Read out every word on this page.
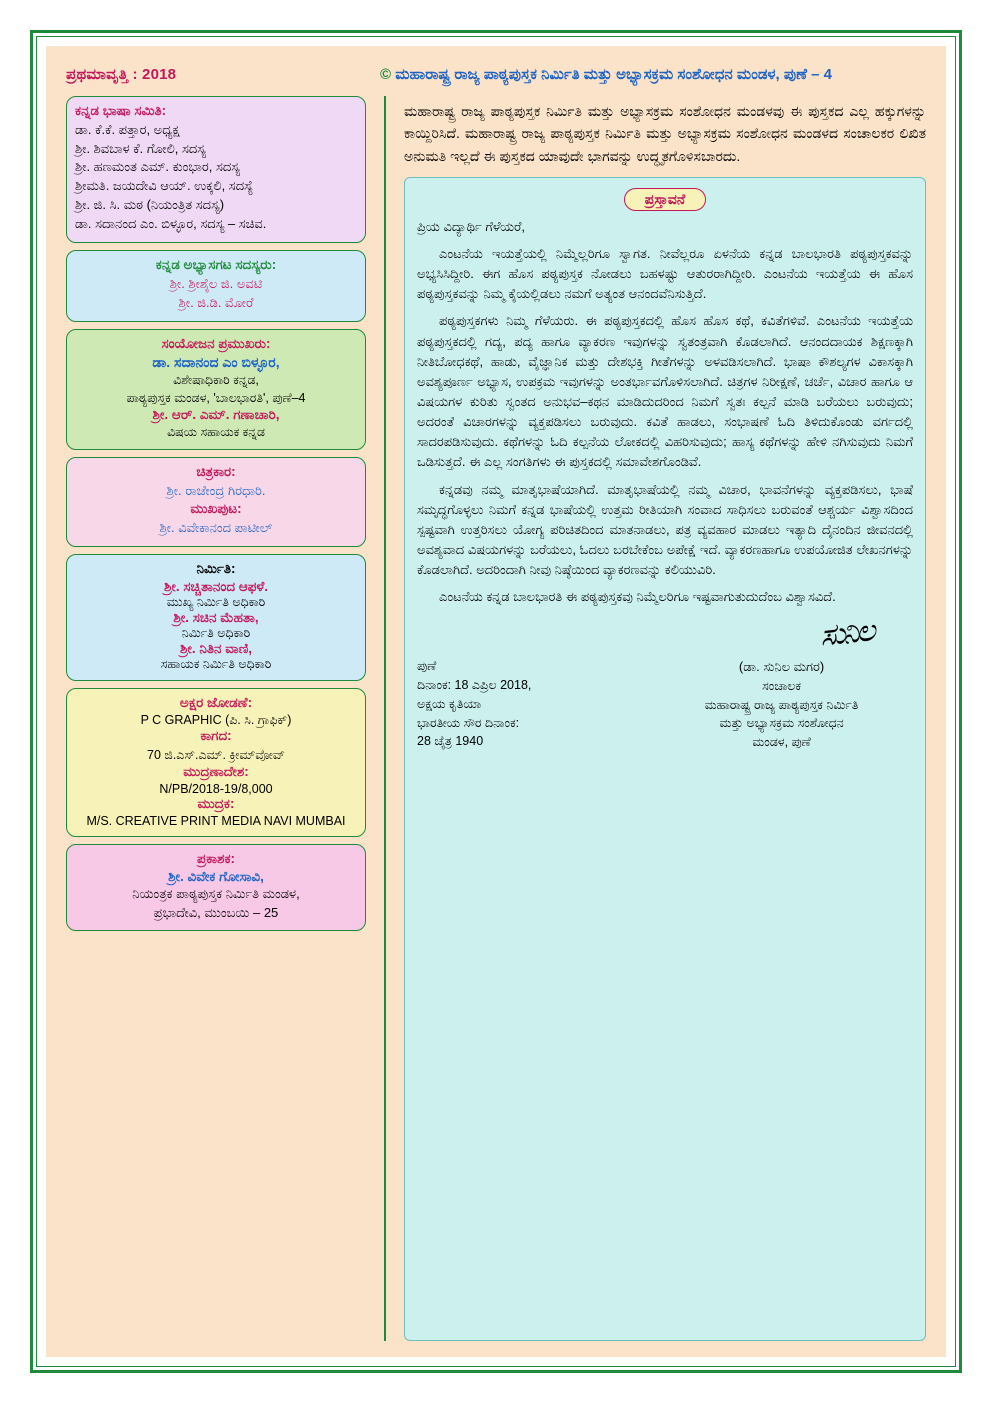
ಪ್ರಥಮಾವೃತ್ತಿ : 2018	© ಮಹಾರಾಷ್ಟ್ರ ರಾಜ್ಯ ಪಾಠ್ಯಪುಸ್ತಕ ನಿರ್ಮಿತಿ ಮತ್ತು ಅಭ್ಯಾಸಕ್ರಮ ಸಂಶೋಧನ ಮಂಡಳ, ಪುಣೆ – 4
ಕನ್ನಡ ಭಾಷಾ ಸಮಿತಿ:
ಡಾ. ಕೆ.ಕೆ. ಪತ್ತಾರ, ಅಧ್ಯಕ್ಷ
ಶ್ರೀ. ಶಿವಬಾಳ ಕೆ. ಗೋಲಿ, ಸದಸ್ಯ
ಶ್ರೀ. ಹಣಮಂತ ಎಮ್. ಕುಂಭಾರ, ಸದಸ್ಯ
ಶ್ರೀಮತಿ. ಜಯದೇವಿ ಆಯ್. ಉಕ್ಕಲಿ, ಸದಸ್ಯೆ
ಶ್ರೀ. ಜಿ. ಸಿ. ಮಠ (ನಿಯಂತ್ರಿತ ಸದಸ್ಯ)
ಡಾ. ಸದಾನಂದ ಎಂ. ಬಿಳ್ಳೂರ, ಸದಸ್ಯ – ಸಚಿವ.
ಕನ್ನಡ ಅಭ್ಯಾಸಗಟ ಸದಸ್ಯರು:
ಶ್ರೀ. ಶ್ರೀಶೈಲ ಜಿ. ಅವಟಿ
ಶ್ರೀ. ಜಿ.ಡಿ. ಮೋರೆ
ಸಂಯೋಜನ ಪ್ರಮುಖರು:
ಡಾ. ಸದಾನಂದ ಎಂ ಬಿಳ್ಳೂರ,
ವಿಶೇಷಾಧಿಕಾರಿ ಕನ್ನಡ,
ಪಾಠ್ಯಪುಸ್ತಕ ಮಂಡಳ, 'ಬಾಲಭಾರತಿ', ಪುಣೆ–4
ಶ್ರೀ. ಆರ್. ಎಮ್. ಗಣಾಚಾರಿ,
ವಿಷಯ ಸಹಾಯಕ ಕನ್ನಡ
ಚಿತ್ರಕಾರ:
ಶ್ರೀ. ರಾಜೇಂದ್ರ ಗಿರಧಾರಿ.
ಮುಖಪುಟ:
ಶ್ರೀ. ವಿವೇಕಾನಂದ ಪಾಟೀಲ್
ನಿರ್ಮಿತಿ:
ಶ್ರೀ. ಸಚ್ಚಿತಾನಂದ ಆಫಳೆ.
ಮುಖ್ಯ ನಿರ್ಮಿತಿ ಅಧಿಕಾರಿ
ಶ್ರೀ. ಸಚಿನ ಮೆಹತಾ,
ನಿರ್ಮಿತಿ ಅಧಿಕಾರಿ
ಶ್ರೀ. ನಿತಿನ ವಾಣಿ,
ಸಹಾಯಕ ನಿರ್ಮಿತಿ ಅಧಿಕಾರಿ
ಅಕ್ಷರ ಜೋಡಣೆ:
P C GRAPHIC (ಪಿ. ಸಿ. ಗ್ರಾಫಿಕ್)
ಕಾಗದ:
70 ಜಿ.ಎಸ್.ಎಮ್. ಕ್ರೀಮ್‌ವೋವ್
ಮುದ್ರಣಾದೇಶ:
N/PB/2018-19/8,000
ಮುದ್ರಕ:
M/S. CREATIVE PRINT MEDIA NAVI MUMBAI
ಪ್ರಕಾಶಕ:
ಶ್ರೀ. ವಿವೇಕ ಗೋಸಾವಿ,
ನಿಯಂತ್ರಕ ಪಾಠ್ಯಪುಸ್ತಕ ನಿರ್ಮಿತಿ ಮಂಡಳ,
ಪ್ರಭಾದೇವಿ, ಮುಂಬಯಿ – 25
ಮಹಾರಾಷ್ಟ್ರ ರಾಜ್ಯ ಪಾಠ್ಯಪುಸ್ತಕ ನಿರ್ಮಿತಿ ಮತ್ತು ಅಭ್ಯಾಸಕ್ರಮ ಸಂಶೋಧನ ಮಂಡಳವು ಈ ಪುಸ್ತಕದ ಎಲ್ಲ ಹಕ್ಕುಗಳನ್ನು ಕಾಯ್ದಿರಿಸಿದೆ. ಮಹಾರಾಷ್ಟ್ರ ರಾಜ್ಯ ಪಾಠ್ಯಪುಸ್ತಕ ನಿರ್ಮಿತಿ ಮತ್ತು ಅಭ್ಯಾಸಕ್ರಮ ಸಂಶೋಧನ ಮಂಡಳದ ಸಂಚಾಲಕರ ಲಿಖಿತ ಅನುಮತಿ ಇಲ್ಲದೆ ಈ ಪುಸ್ತಕದ ಯಾವುದೇ ಭಾಗವನ್ನು ಉದ್ಧೃತಗೊಳಿಸಬಾರದು.
ಪ್ರಸ್ತಾವನೆ

ಪ್ರಿಯ ವಿದ್ಯಾರ್ಥಿ ಗೆಳೆಯರೆ,

ಎಂಟನೆಯ ಇಯತ್ತೆಯಲ್ಲಿ ನಿಮ್ಮೆಲ್ಲರಿಗೂ ಸ್ವಾಗತ. ನೀವೆಲ್ಲರೂ ಏಳನೆಯ ಕನ್ನಡ ಬಾಲಭಾರತಿ ಪಠ್ಯಪುಸ್ತಕವನ್ನು ಅಭ್ಯಸಿಸಿದ್ದೀರಿ. ಈಗ ಹೊಸ ಪಠ್ಯಪುಸ್ತಕ ನೋಡಲು ಬಹಳಷ್ಟು ಆತುರರಾಗಿದ್ದೀರಿ. ಎಂಟನೆಯ ಇಯತ್ತೆಯ ಈ ಹೊಸ ಪಠ್ಯಪುಸ್ತಕವನ್ನು ನಿಮ್ಮ ಕೈಯಲ್ಲಿಡಲು ನಮಗೆ ಅತ್ಯಂತ ಆನಂದವೆನಿಸುತ್ತಿದೆ.

ಪಠ್ಯಪುಸ್ತಕಗಳು ನಿಮ್ಮ ಗೆಳೆಯರು. ಈ ಪಠ್ಯಪುಸ್ತಕದಲ್ಲಿ ಹೊಸ ಹೊಸ ಕಥೆ, ಕವಿತೆಗಳಿವೆ. ಎಂಟನೆಯ ಇಯತ್ತೆಯ ಪಠ್ಯಪುಸ್ತಕದಲ್ಲಿ ಗದ್ಯ, ಪದ್ಯ ಹಾಗೂ ವ್ಯಾಕರಣ ಇವುಗಳನ್ನು ಸ್ವತಂತ್ರವಾಗಿ ಕೊಡಲಾಗಿದೆ. ಆನಂದದಾಯಕ ಶಿಕ್ಷಣಕ್ಕಾಗಿ ನೀತಿಬೋಧಕಥೆ, ಹಾಡು, ವೈಜ್ಞಾನಿಕ ಮತ್ತು ದೇಶಭಕ್ತಿ ಗೀತೆಗಳನ್ನು ಅಳವಡಿಸಲಾಗಿದೆ. ಭಾಷಾ ಕೌಶಲ್ಯಗಳ ವಿಕಾಸಕ್ಕಾಗಿ ಅವಶ್ಯಪೂರ್ಣ ಅಭ್ಯಾಸ, ಉಪಕ್ರಮ ಇವುಗಳನ್ನು ಅಂತರ್ಭಾವಗೊಳಿಸಲಾಗಿದೆ. ಚಿತ್ರಗಳ ನಿರೀಕ್ಷಣೆ, ಚರ್ಚೆ, ವಿಚಾರ ಹಾಗೂ ಆ ವಿಷಯಗಳ ಕುರಿತು ಸ್ವಂತದ ಅನುಭವ–ಕಥನ ಮಾಡಿದುದರಿಂದ ನಿಮಗೆ ಸ್ವತಃ ಕಲ್ಪನೆ ಮಾಡಿ ಬರೆಯಲು ಬರುವುದು; ಅದರಂತೆ ವಿಚಾರಗಳನ್ನು ವ್ಯಕ್ತಪಡಿಸಲು ಬರುವುದು. ಕವಿತೆ ಹಾಡಲು, ಸಂಭಾಷಣೆ ಓದಿ ತಿಳಿದುಕೊಂಡು ವರ್ಗದಲ್ಲಿ ಸಾದರಪಡಿಸುವುದು. ಕಥೆಗಳನ್ನು ಓದಿ ಕಲ್ಪನೆಯ ಲೋಕದಲ್ಲಿ ವಿಹರಿಸುವುದು; ಹಾಸ್ಯ ಕಥೆಗಳನ್ನು ಹೇಳಿ ನಗಿಸುವುದು ನಿಮಗೆ ಒಡಿಸುತ್ತದೆ. ಈ ಎಲ್ಲ ಸಂಗತಿಗಳು ಈ ಪುಸ್ತಕದಲ್ಲಿ ಸಮಾವೇಶಗೊಂಡಿವೆ.

ಕನ್ನಡವು ನಮ್ಮ ಮಾತೃಭಾಷೆಯಾಗಿದೆ. ಮಾತೃಭಾಷೆಯಲ್ಲಿ ನಮ್ಮ ವಿಚಾರ, ಭಾವನೆಗಳನ್ನು ವ್ಯಕ್ತಪಡಿಸಲು, ಭಾಷೆ ಸಮೃದ್ಧಗೊಳ್ಳಲು ನಿಮಗೆ ಕನ್ನಡ ಭಾಷೆಯಲ್ಲಿ ಉತ್ತಮ ರೀತಿಯಾಗಿ ಸಂವಾದ ಸಾಧಿಸಲು ಬರುವಂತೆ ಆಶ್ಚರ್ಯ ವಿಶ್ವಾಸದಿಂದ ಸ್ಪಷ್ಟವಾಗಿ ಉತ್ತರಿಸಲು ಯೋಗ್ಯ ಪರಿಚಿತದಿಂದ ಮಾತನಾಡಲು, ಪತ್ರ ವ್ಯವಹಾರ ಮಾಡಲು ಇತ್ಯಾದಿ ದೈನಂದಿನ ಜೀವನದಲ್ಲಿ ಅವಶ್ಯವಾದ ವಿಷಯಗಳನ್ನು ಬರೆಯಲು, ಓದಲು ಬರಬೇಕೆಂಬ ಅಪೇಕ್ಷೆ ಇದೆ. ವ್ಯಾಕರಣಹಾಗೂ ಉಪಯೋಜಿತ ಲೇಖನಗಳನ್ನು ಕೊಡಲಾಗಿದೆ. ಅದರಿಂದಾಗಿ ನೀವು ನಿಷ್ಠೆಯಿಂದ ವ್ಯಾಕರಣವನ್ನು ಕಲಿಯುವಿರಿ.

ಎಂಟನೆಯ ಕನ್ನಡ ಬಾಲಭಾರತಿ ಈ ಪಠ್ಯಪುಸ್ತಕವು ನಿಮ್ಮೆಲರಿಗೂ ಇಷ್ಟವಾಗುತುದುದೆಂಬ ವಿಶ್ವಾಸವಿದೆ.

ಸುನಿಲ
ಪುಣೆ
ದಿನಾಂಕ: 18 ಎಪ್ರಿಲ 2018,
ಅಕ್ಷಯ ಕೃತಿಯಾ
ಭಾರತೀಯ ಸೌರ ದಿನಾಂಕ:
28 ಚೈತ್ರ 1940
(ಡಾ. ಸುನಿಲ ಮಗರ)
ಸಂಚಾಲಕ
ಮಹಾರಾಷ್ಟ್ರ ರಾಜ್ಯ ಪಾಠ್ಯಪುಸ್ತಕ ನಿರ್ಮಿತಿ
ಮತ್ತು ಅಭ್ಯಾಸಕ್ರಮ ಸಂಶೋಧನ
ಮಂಡಳ, ಪುಣೆ
